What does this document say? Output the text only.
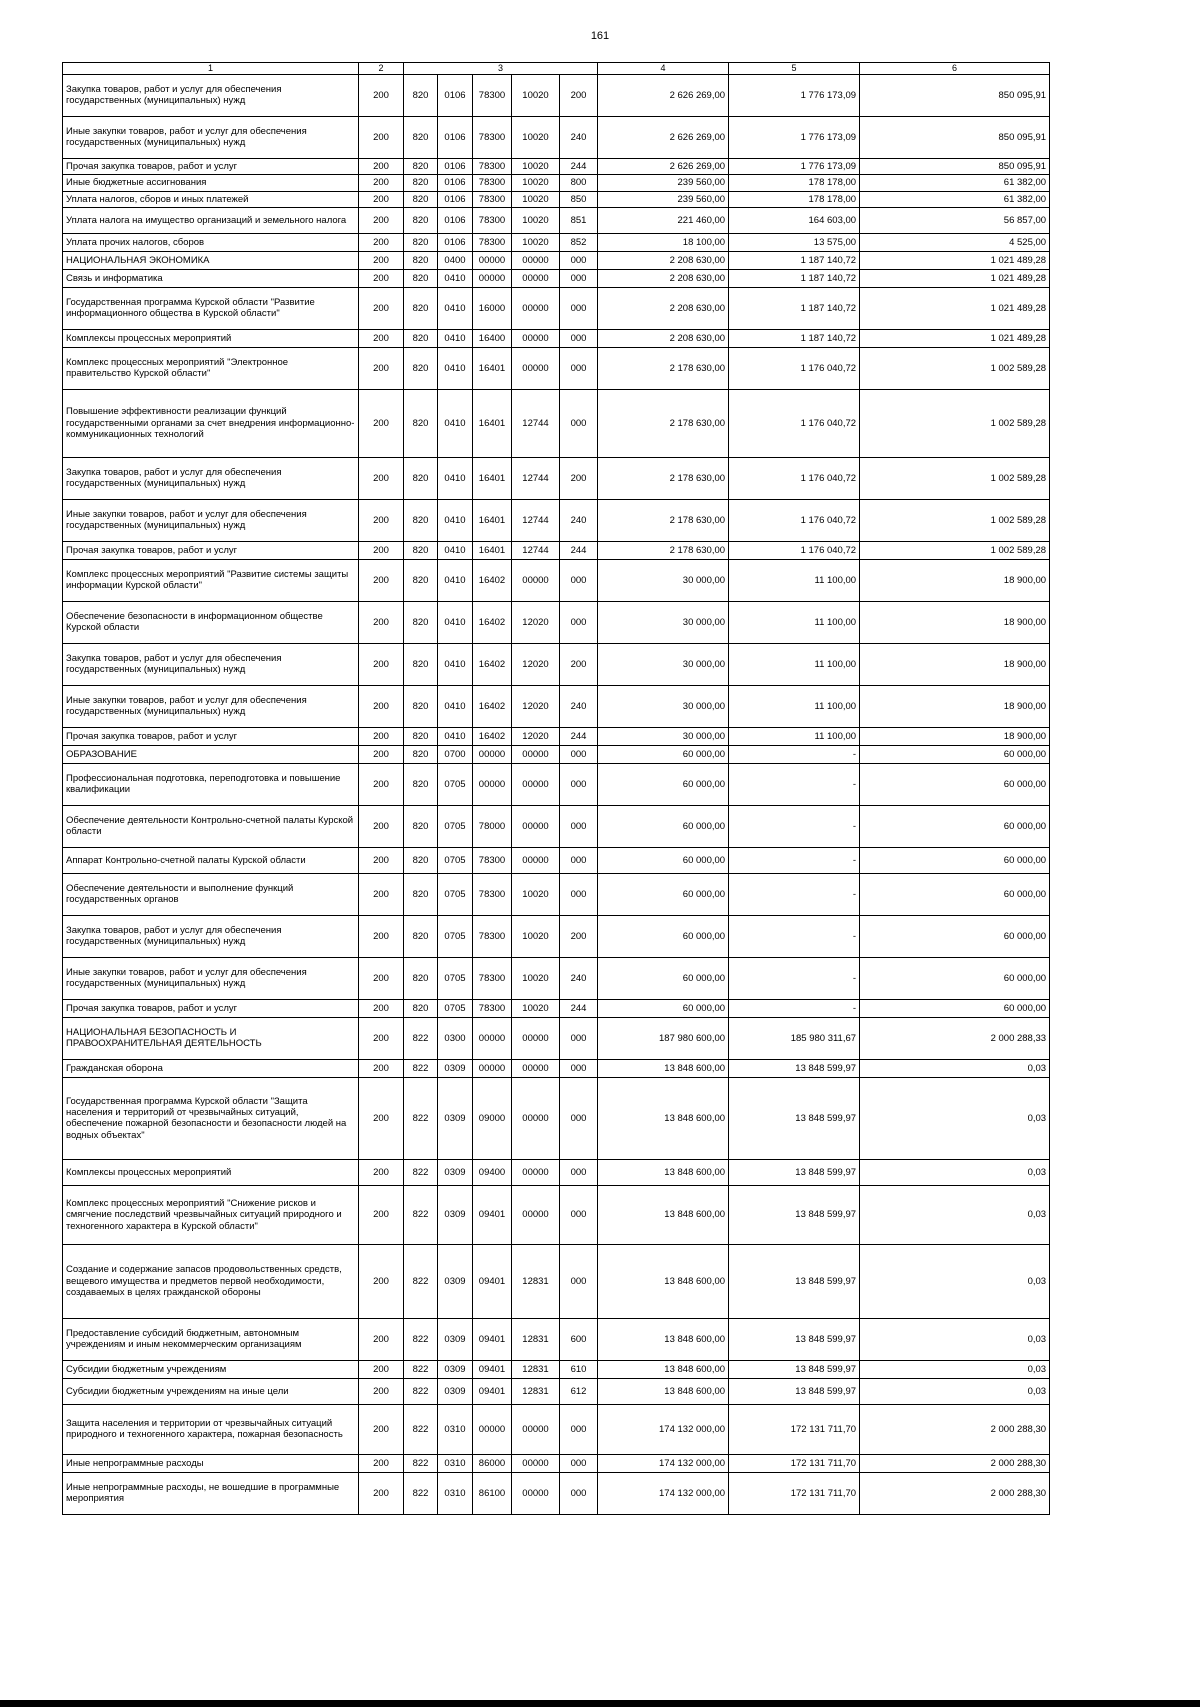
161
1	2	3					4	5	6
Закупка товаров, работ и услуг для обеспечения государственных (муниципальных) нужд	200	820	0106	78300	10020	200	2 626 269,00	1 776 173,09	850 095,91
Иные закупки товаров, работ и услуг для обеспечения государственных (муниципальных) нужд	200	820	0106	78300	10020	240	2 626 269,00	1 776 173,09	850 095,91
Прочая закупка товаров, работ и услуг	200	820	0106	78300	10020	244	2 626 269,00	1 776 173,09	850 095,91
Иные бюджетные ассигнования	200	820	0106	78300	10020	800	239 560,00	178 178,00	61 382,00
Уплата налогов, сборов и иных платежей	200	820	0106	78300	10020	850	239 560,00	178 178,00	61 382,00
Уплата налога на имущество организаций и земельного налога	200	820	0106	78300	10020	851	221 460,00	164 603,00	56 857,00
Уплата прочих налогов, сборов	200	820	0106	78300	10020	852	18 100,00	13 575,00	4 525,00
НАЦИОНАЛЬНАЯ ЭКОНОМИКА	200	820	0400	00000	00000	000	2 208 630,00	1 187 140,72	1 021 489,28
Связь и информатика	200	820	0410	00000	00000	000	2 208 630,00	1 187 140,72	1 021 489,28
Государственная программа Курской области "Развитие информационного общества в Курской области"	200	820	0410	16000	00000	000	2 208 630,00	1 187 140,72	1 021 489,28
Комплексы процессных мероприятий	200	820	0410	16400	00000	000	2 208 630,00	1 187 140,72	1 021 489,28
Комплекс процессных мероприятий "Электронное правительство Курской области"	200	820	0410	16401	00000	000	2 178 630,00	1 176 040,72	1 002 589,28
Повышение эффективности реализации функций государственными органами за счет внедрения информационно-коммуникационных технологий	200	820	0410	16401	12744	000	2 178 630,00	1 176 040,72	1 002 589,28
Закупка товаров, работ и услуг для обеспечения государственных (муниципальных) нужд	200	820	0410	16401	12744	200	2 178 630,00	1 176 040,72	1 002 589,28
Иные закупки товаров, работ и услуг для обеспечения государственных (муниципальных) нужд	200	820	0410	16401	12744	240	2 178 630,00	1 176 040,72	1 002 589,28
Прочая закупка товаров, работ и услуг	200	820	0410	16401	12744	244	2 178 630,00	1 176 040,72	1 002 589,28
Комплекс процессных мероприятий "Развитие системы защиты информации Курской области"	200	820	0410	16402	00000	000	30 000,00	11 100,00	18 900,00
Обеспечение безопасности в информационном обществе Курской области	200	820	0410	16402	12020	000	30 000,00	11 100,00	18 900,00
Закупка товаров, работ и услуг для обеспечения государственных (муниципальных) нужд	200	820	0410	16402	12020	200	30 000,00	11 100,00	18 900,00
Иные закупки товаров, работ и услуг для обеспечения государственных (муниципальных) нужд	200	820	0410	16402	12020	240	30 000,00	11 100,00	18 900,00
Прочая закупка товаров, работ и услуг	200	820	0410	16402	12020	244	30 000,00	11 100,00	18 900,00
ОБРАЗОВАНИЕ	200	820	0700	00000	00000	000	60 000,00	-	60 000,00
Профессиональная подготовка, переподготовка и повышение квалификации	200	820	0705	00000	00000	000	60 000,00	-	60 000,00
Обеспечение деятельности Контрольно-счетной палаты Курской области	200	820	0705	78000	00000	000	60 000,00	-	60 000,00
Аппарат Контрольно-счетной палаты Курской области	200	820	0705	78300	00000	000	60 000,00	-	60 000,00
Обеспечение деятельности и выполнение функций государственных органов	200	820	0705	78300	10020	000	60 000,00	-	60 000,00
Закупка товаров, работ и услуг для обеспечения государственных (муниципальных) нужд	200	820	0705	78300	10020	200	60 000,00	-	60 000,00
Иные закупки товаров, работ и услуг для обеспечения государственных (муниципальных) нужд	200	820	0705	78300	10020	240	60 000,00	-	60 000,00
Прочая закупка товаров, работ и услуг	200	820	0705	78300	10020	244	60 000,00	-	60 000,00
НАЦИОНАЛЬНАЯ БЕЗОПАСНОСТЬ И ПРАВООХРАНИТЕЛЬНАЯ ДЕЯТЕЛЬНОСТЬ	200	822	0300	00000	00000	000	187 980 600,00	185 980 311,67	2 000 288,33
Гражданская оборона	200	822	0309	00000	00000	000	13 848 600,00	13 848 599,97	0,03
Государственная программа Курской области "Защита населения и территорий от чрезвычайных ситуаций, обеспечение пожарной безопасности и безопасности людей на водных объектах"	200	822	0309	09000	00000	000	13 848 600,00	13 848 599,97	0,03
Комплексы процессных мероприятий	200	822	0309	09400	00000	000	13 848 600,00	13 848 599,97	0,03
Комплекс процессных мероприятий "Снижение рисков и смягчение последствий чрезвычайных ситуаций природного и техногенного характера в Курской области"	200	822	0309	09401	00000	000	13 848 600,00	13 848 599,97	0,03
Создание и содержание запасов продовольственных средств, вещевого имущества и предметов первой необходимости, создаваемых в целях гражданской обороны	200	822	0309	09401	12831	000	13 848 600,00	13 848 599,97	0,03
Предоставление субсидий бюджетным, автономным учреждениям и иным некоммерческим организациям	200	822	0309	09401	12831	600	13 848 600,00	13 848 599,97	0,03
Субсидии бюджетным учреждениям	200	822	0309	09401	12831	610	13 848 600,00	13 848 599,97	0,03
Субсидии бюджетным учреждениям на иные цели	200	822	0309	09401	12831	612	13 848 600,00	13 848 599,97	0,03
Защита населения и территории от чрезвычайных ситуаций природного и техногенного характера, пожарная безопасность	200	822	0310	00000	00000	000	174 132 000,00	172 131 711,70	2 000 288,30
Иные непрограммные расходы	200	822	0310	86000	00000	000	174 132 000,00	172 131 711,70	2 000 288,30
Иные непрограммные расходы, не вошедшие в программные мероприятия	200	822	0310	86100	00000	000	174 132 000,00	172 131 711,70	2 000 288,30
